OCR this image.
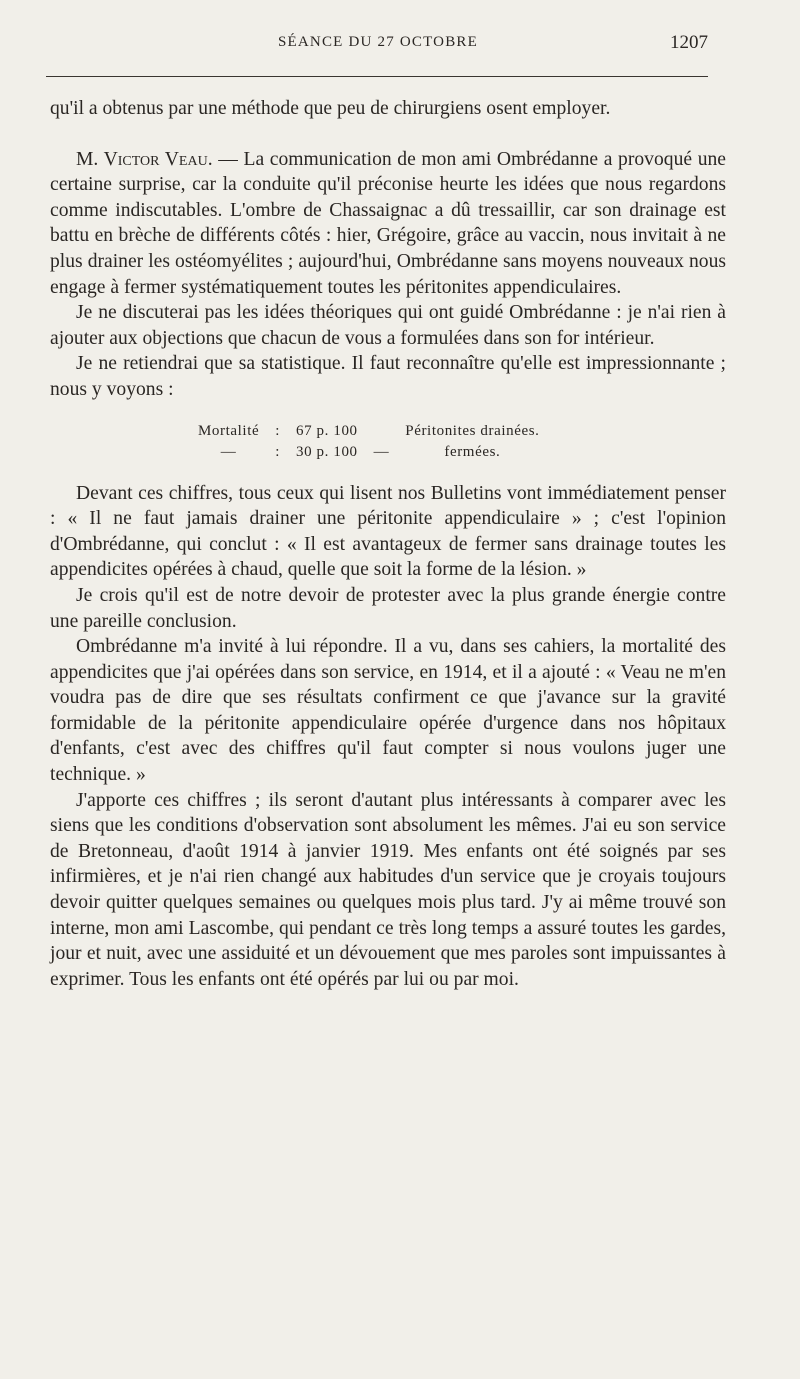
SÉANCE DU 27 OCTOBRE	1207

qu'il a obtenus par une méthode que peu de chirurgiens osent employer.

M. Victor Veau. — La communication de mon ami Ombrédanne a provoqué une certaine surprise, car la conduite qu'il préconise heurte les idées que nous regardons comme indiscutables. L'ombre de Chassaignac a dû tressaillir, car son drainage est battu en brèche de différents côtés : hier, Grégoire, grâce au vaccin, nous invitait à ne plus drainer les ostéomyélites ; aujourd'hui, Ombrédanne sans moyens nouveaux nous engage à fermer systématiquement toutes les péritonites appendiculaires.

Je ne discuterai pas les idées théoriques qui ont guidé Ombrédanne : je n'ai rien à ajouter aux objections que chacun de vous a formulées dans son for intérieur.

Je ne retiendrai que sa statistique. Il faut reconnaître qu'elle est impressionnante ; nous y voyons :

Mortalité	:	67 p. 100		Péritonites drainées.
—	:	30 p. 100	—	fermées.

Devant ces chiffres, tous ceux qui lisent nos Bulletins vont immédiatement penser : « Il ne faut jamais drainer une péritonite appendiculaire » ; c'est l'opinion d'Ombrédanne, qui conclut : « Il est avantageux de fermer sans drainage toutes les appendicites opérées à chaud, quelle que soit la forme de la lésion. »

Je crois qu'il est de notre devoir de protester avec la plus grande énergie contre une pareille conclusion.

Ombrédanne m'a invité à lui répondre. Il a vu, dans ses cahiers, la mortalité des appendicites que j'ai opérées dans son service, en 1914, et il a ajouté : « Veau ne m'en voudra pas de dire que ses résultats confirment ce que j'avance sur la gravité formidable de la péritonite appendiculaire opérée d'urgence dans nos hôpitaux d'enfants, c'est avec des chiffres qu'il faut compter si nous voulons juger une technique. »

J'apporte ces chiffres ; ils seront d'autant plus intéressants à comparer avec les siens que les conditions d'observation sont absolument les mêmes. J'ai eu son service de Bretonneau, d'août 1914 à janvier 1919. Mes enfants ont été soignés par ses infirmières, et je n'ai rien changé aux habitudes d'un service que je croyais toujours devoir quitter quelques semaines ou quelques mois plus tard. J'y ai même trouvé son interne, mon ami Lascombe, qui pendant ce très long temps a assuré toutes les gardes, jour et nuit, avec une assiduité et un dévouement que mes paroles sont impuissantes à exprimer. Tous les enfants ont été opérés par lui ou par moi.
